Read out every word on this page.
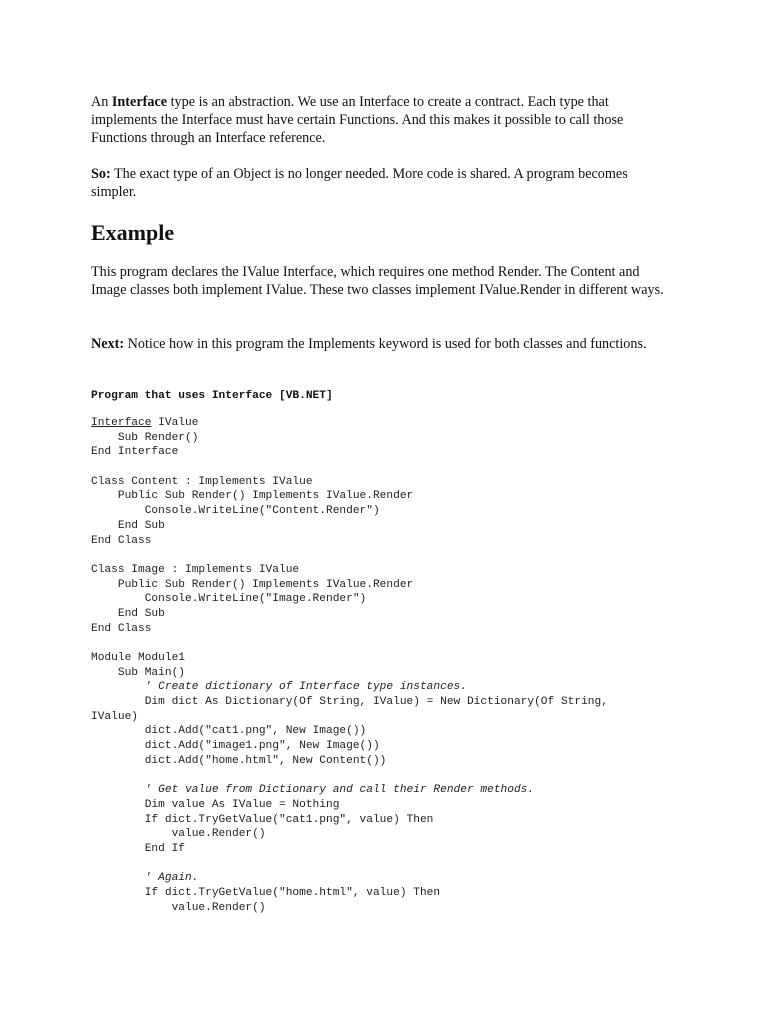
An Interface type is an abstraction. We use an Interface to create a contract. Each type that implements the Interface must have certain Functions. And this makes it possible to call those Functions through an Interface reference.

So: The exact type of an Object is no longer needed. More code is shared. A program becomes simpler.

Example

This program declares the IValue Interface, which requires one method Render. The Content and Image classes both implement IValue. These two classes implement IValue.Render in different ways.

Next: Notice how in this program the Implements keyword is used for both classes and functions.

Program that uses Interface [VB.NET]
Interface IValue
Sub Render()
End Interface

Class Content : Implements IValue
Public Sub Render() Implements IValue.Render
Console.WriteLine("Content.Render")
End Sub
End Class

Class Image : Implements IValue
Public Sub Render() Implements IValue.Render
Console.WriteLine("Image.Render")
End Sub
End Class

Module Module1
Sub Main()
' Create dictionary of Interface type instances.
Dim dict As Dictionary(Of String, IValue) = New Dictionary(Of String,
IValue)
dict.Add("cat1.png", New Image())
dict.Add("image1.png", New Image())
dict.Add("home.html", New Content())

' Get value from Dictionary and call their Render methods.
Dim value As IValue = Nothing
If dict.TryGetValue("cat1.png", value) Then
value.Render()
End If

' Again.
If dict.TryGetValue("home.html", value) Then
value.Render()
